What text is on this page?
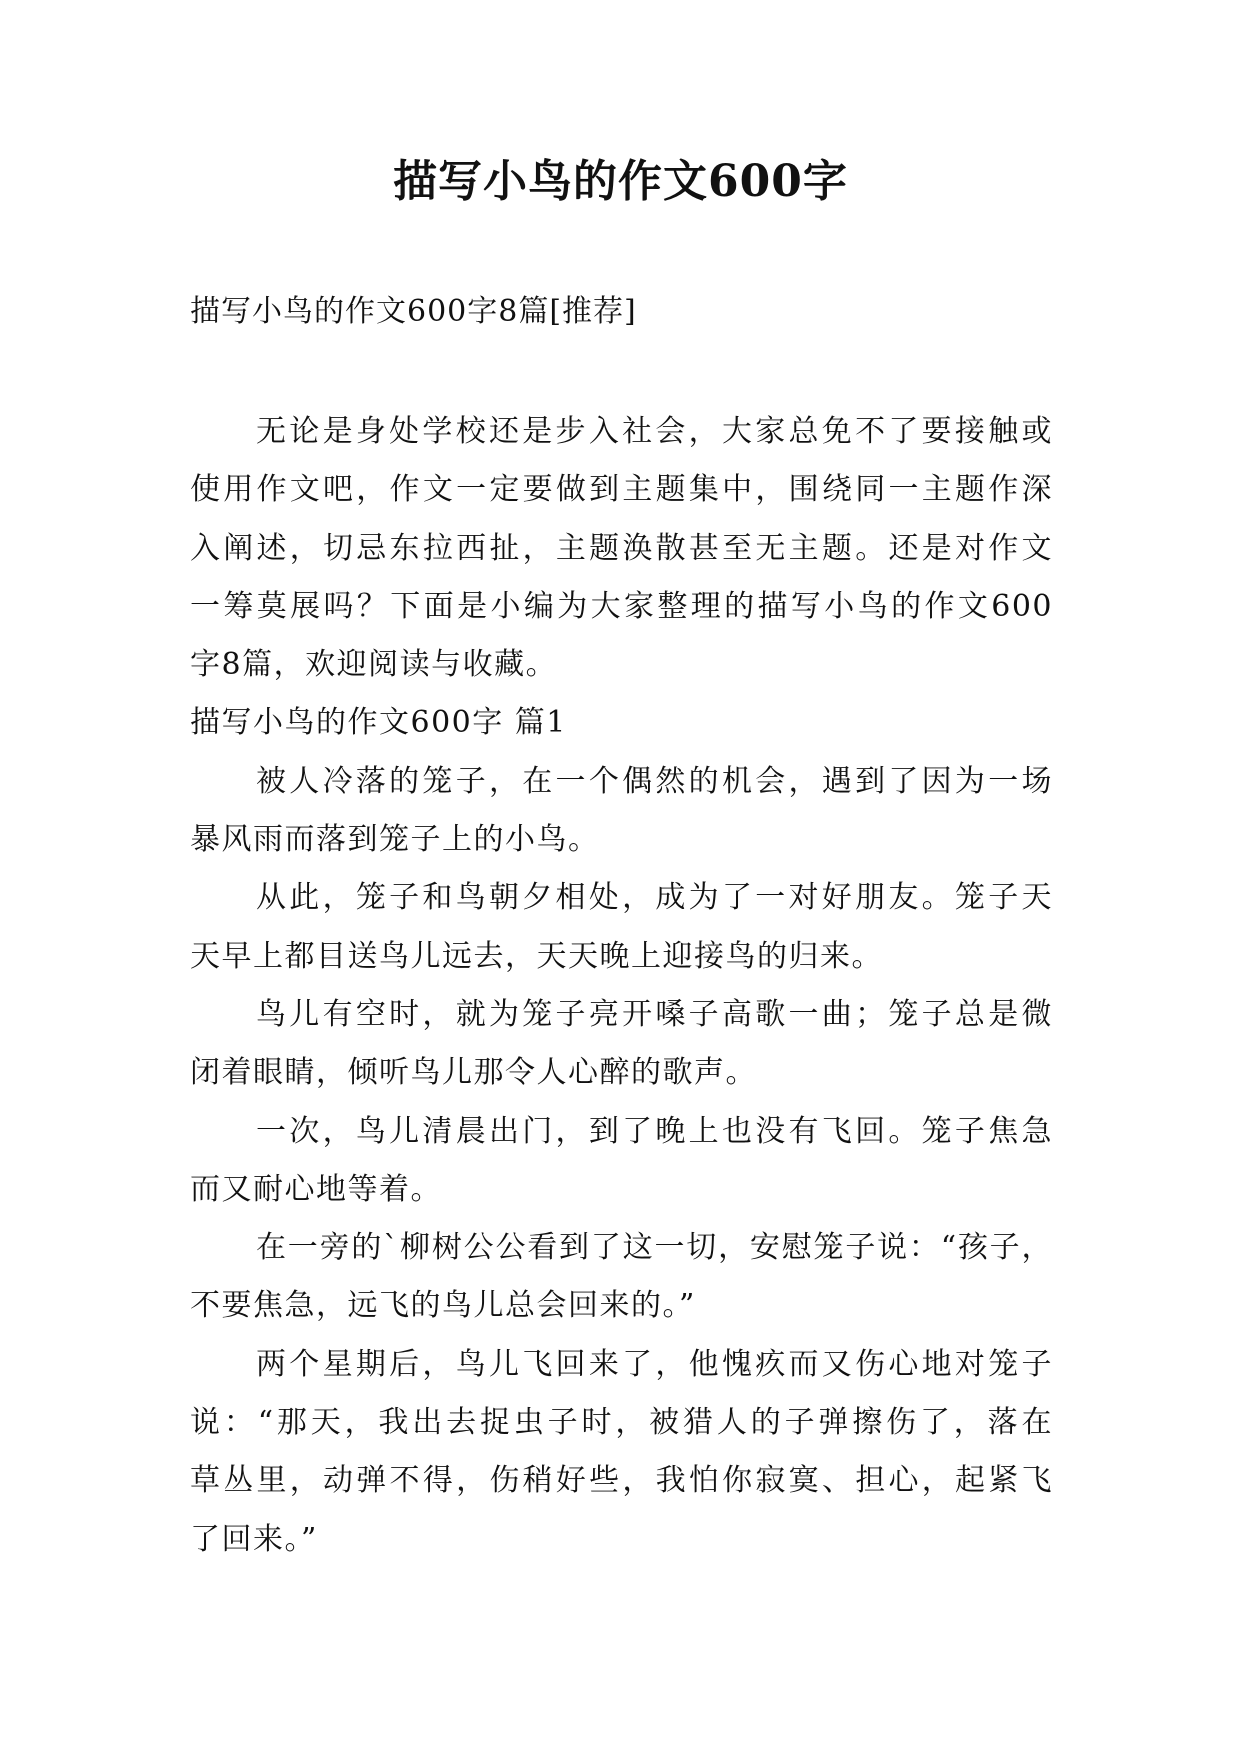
描写小鸟的作文600字
描写小鸟的作文600字8篇[推荐]
无论是身处学校还是步入社会，大家总免不了要接触或
使用作文吧，作文一定要做到主题集中，围绕同一主题作深
入阐述，切忌东拉西扯，主题涣散甚至无主题。还是对作文
一筹莫展吗？下面是小编为大家整理的描写小鸟的作文600
字8篇，欢迎阅读与收藏。
描写小鸟的作文600字 篇1
被人冷落的笼子，在一个偶然的机会，遇到了因为一场
暴风雨而落到笼子上的小鸟。
从此，笼子和鸟朝夕相处，成为了一对好朋友。笼子天
天早上都目送鸟儿远去，天天晚上迎接鸟的归来。
鸟儿有空时，就为笼子亮开嗓子高歌一曲；笼子总是微
闭着眼睛，倾听鸟儿那令人心醉的歌声。
一次，鸟儿清晨出门，到了晚上也没有飞回。笼子焦急
而又耐心地等着。
在一旁的`柳树公公看到了这一切，安慰笼子说：“孩子，
不要焦急，远飞的鸟儿总会回来的。”
两个星期后，鸟儿飞回来了，他愧疚而又伤心地对笼子
说：“那天，我出去捉虫子时，被猎人的子弹擦伤了，落在
草丛里，动弹不得，伤稍好些，我怕你寂寞、担心，起紧飞
了回来。”
